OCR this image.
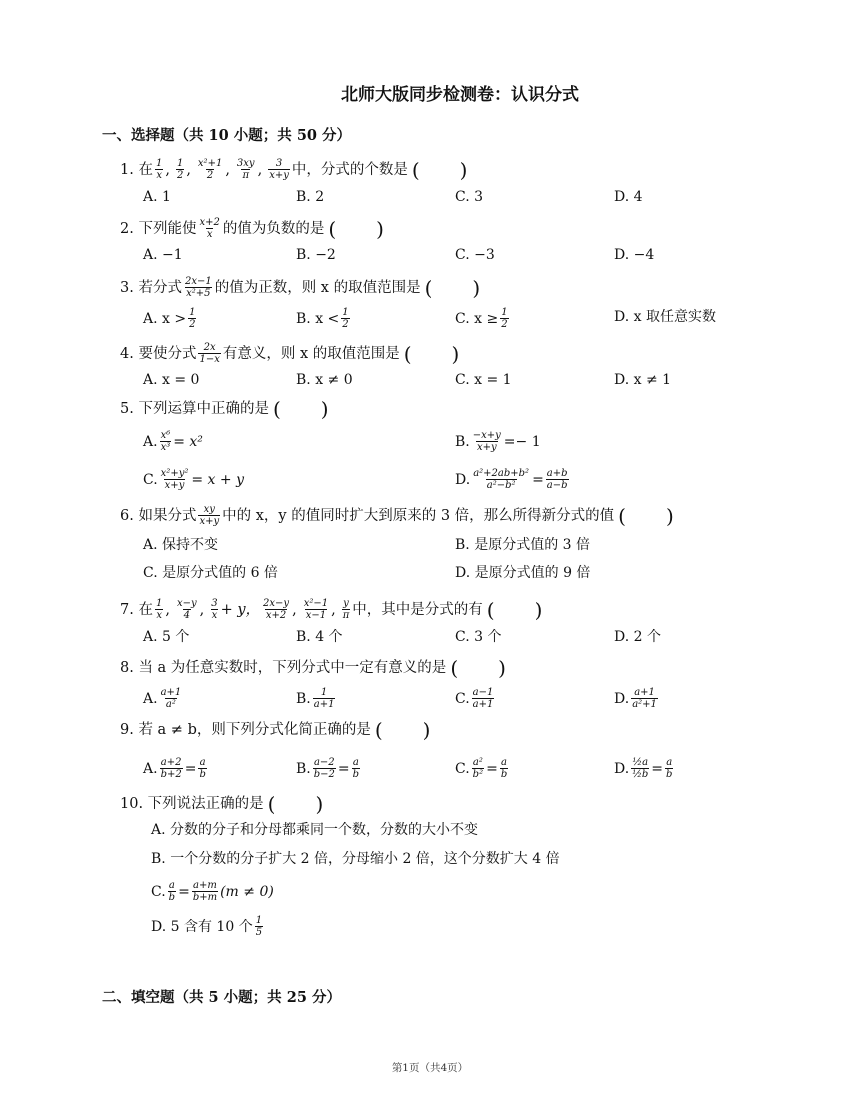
北师大版同步检测卷：认识分式
一、选择题（共 10 小题；共 50 分）
1. 在 $\frac{1}{x}$ , $\frac{1}{2}$ , $\frac{\text{x²+1}}{2}$ , $\frac{3xy}{\pi}$ , $\frac{3}{x+y}$ 中，分式的个数是 (　　)
A. 1	B. 2	C. 3	D. 4
2. 下列能使 $\frac{x+2}{x}$ 的值为负数的是 (　　)
A. −1	B. −2	C. −3	D. −4
3. 若分式 $\frac{2x-1}{\text{x²+5}}$ 的值为正数，则 x 的取值范围是 (　　)
A. $x > \frac{1}{2}$	B. $x < \frac{1}{2}$	C. $x \ge \frac{1}{2}$	D. x 取任意实数
4. 要使分式 $\frac{2x}{1-x}$ 有意义，则 x 的取值范围是 (　　)
A. x = 0	B. x ≠ 0	C. x = 1	D. x ≠ 1
5. 下列运算中正确的是 (　　)
A. $\frac{\text{x⁶}}{\text{x³}} = x^2$	B. $\frac{-x+y}{x+y} =- 1$
C. $\frac{\text{x²+y²}}{x+y} = x + y$	D. $\frac{\text{a²+2ab+b²}}{\text{a²−b²}} = \frac{a+b}{a-b}$
6. 如果分式 $\frac{xy}{x+y}$ 中的 x，y 的值同时扩大到原来的 3 倍，那么所得新分式的值 (　　)
A. 保持不变	B. 是原分式值的 3 倍
C. 是原分式值的 6 倍	D. 是原分式值的 9 倍
7. 在 $\frac{1}{x}$ , $\frac{x-y}{4}$ , $\frac{3}{x} + y$， $\frac{2x-y}{x+2}$ , $\frac{\text{x²−1}}{x-1}$ , $\frac{y}{\pi}$ 中，其中是分式的有 (　　)
A. 5 个	B. 4 个	C. 3 个	D. 2 个
8. 当 a 为任意实数时，下列分式中一定有意义的是 (　　)
A. $\frac{a+1}{\text{a²}}$	B. $\frac{1}{a+1}$	C. $\frac{a-1}{a+1}$	D. $\frac{a+1}{\text{a²+1}}$
9. 若 a ≠ b，则下列分式化简正确的是 (　　)
A. $\frac{a+2}{b+2} = \frac{a}{b}$	B. $\frac{a-2}{b-2} = \frac{a}{b}$	C. $\frac{\text{a²}}{\text{b²}} = \frac{a}{b}$	D. $\frac{\text{½a}}{\text{½b}} = \frac{a}{b}$
10. 下列说法正确的是 (　　)
A. 分数的分子和分母都乘同一个数，分数的大小不变
B. 一个分数的分子扩大 2 倍，分母缩小 2 倍，这个分数扩大 4 倍
C. $\frac{a}{b} = \frac{a+m}{b+m} (m \ne 0)$
D. 5 含有 10 个 $\frac{1}{5}$
二、填空题（共 5 小题；共 25 分）
第1页（共4页）
